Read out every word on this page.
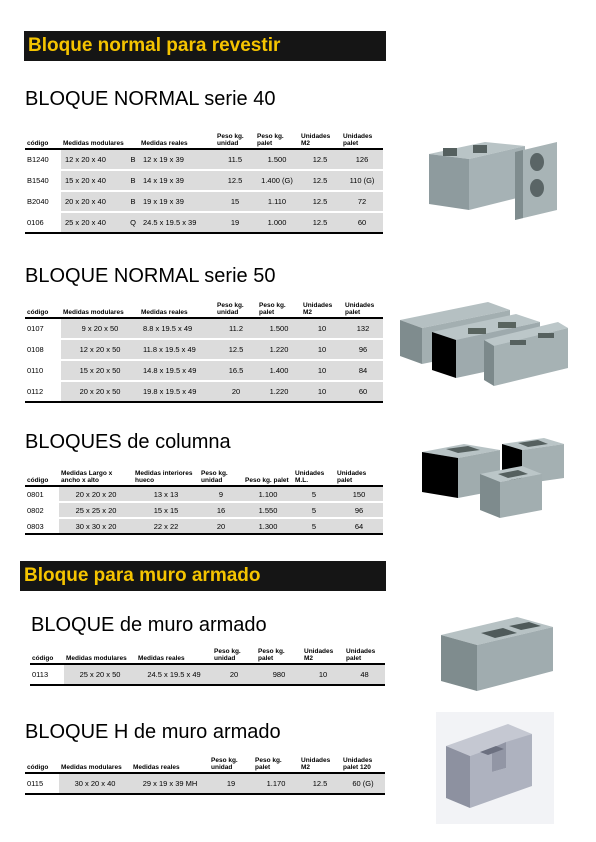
Bloque normal para revestir
BLOQUE NORMAL serie 40
código	Medidas modulares		Medidas reales	Peso kg. unidad	Peso kg. palet	Unidades M2	Unidades palet
B1240	12 x 20 x 40	B	12 x 19 x 39	11.5	1.500	12.5	126
B1540	15 x 20 x 40	B	14 x 19 x 39	12.5	1.400 (G)	12.5	110 (G)
B2040	20 x 20 x 40	B	19 x 19 x 39	15	1.110	12.5	72
0106	25 x 20 x 40	Q	24.5 x 19.5 x 39	19	1.000	12.5	60
BLOQUE NORMAL serie 50
código	Medidas modulares	Medidas reales	Peso kg. unidad	Peso kg. palet	Unidades M2	Unidades palet
0107	9 x 20 x 50	8.8 x 19.5 x 49	11.2	1.500	10	132
0108	12 x 20 x 50	11.8 x 19.5 x 49	12.5	1.220	10	96
0110	15 x 20 x 50	14.8 x 19.5 x 49	16.5	1.400	10	84
0112	20 x 20 x 50	19.8 x 19.5 x 49	20	1.220	10	60
BLOQUES de columna
código	Medidas Largo x ancho x alto	Medidas interiores hueco	Peso kg. unidad	Peso kg. palet	Unidades M.L.	Unidades palet
0801	20 x 20 x 20	13 x 13	9	1.100	5	150
0802	25 x 25 x 20	15 x 15	16	1.550	5	96
0803	30 x 30 x 20	22 x 22	20	1.300	5	64
Bloque para muro armado
BLOQUE de muro armado
código	Medidas modulares	Medidas reales	Peso kg. unidad	Peso kg. palet	Unidades M2	Unidades palet
0113	25 x 20 x 50	24.5 x 19.5 x 49	20	980	10	48
BLOQUE H de muro armado
código	Medidas modulares	Medidas reales	Peso kg. unidad	Peso kg. palet	Unidades M2	Unidades palet 120
0115	30 x 20 x 40	29 x 19 x 39 MH	19	1.170	12.5	60 (G)
